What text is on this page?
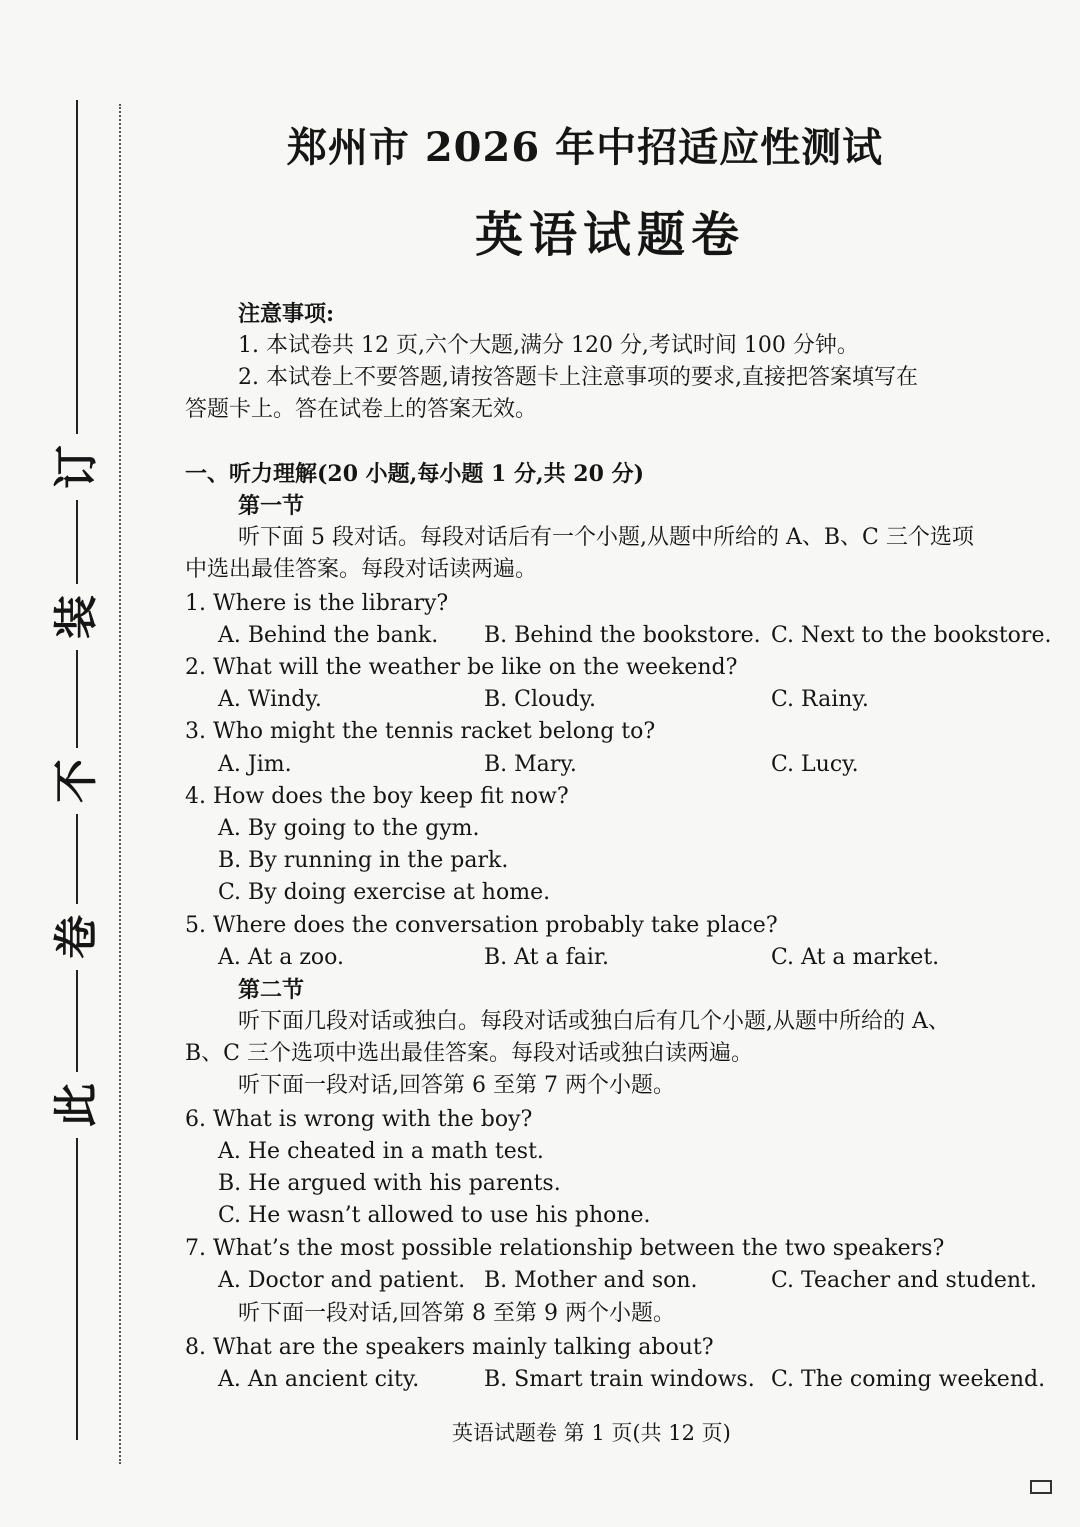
订
装
不
卷
此
郑州市 2026 年中招适应性测试
英语试题卷
注意事项:
1. 本试卷共 12 页,六个大题,满分 120 分,考试时间 100 分钟。
2. 本试卷上不要答题,请按答题卡上注意事项的要求,直接把答案填写在
答题卡上。答在试卷上的答案无效。
一、听力理解(20 小题,每小题 1 分,共 20 分)
第一节
听下面 5 段对话。每段对话后有一个小题,从题中所给的 A、B、C 三个选项
中选出最佳答案。每段对话读两遍。
1. Where is the library?
A. Behind the bank. B. Behind the bookstore. C. Next to the bookstore.
2. What will the weather be like on the weekend?
A. Windy.	B. Cloudy.	C. Rainy.
3. Who might the tennis racket belong to?
A. Jim.	B. Mary.	C. Lucy.
4. How does the boy keep fit now?
A. By going to the gym.
B. By running in the park.
C. By doing exercise at home.
5. Where does the conversation probably take place?
A. At a zoo.	B. At a fair.	C. At a market.
第二节
听下面几段对话或独白。每段对话或独白后有几个小题,从题中所给的 A、
B、C 三个选项中选出最佳答案。每段对话或独白读两遍。
听下面一段对话,回答第 6 至第 7 两个小题。
6. What is wrong with the boy?
A. He cheated in a math test.
B. He argued with his parents.
C. He wasn’t allowed to use his phone.
7. What’s the most possible relationship between the two speakers?
A. Doctor and patient. B. Mother and son.	C. Teacher and student.
听下面一段对话,回答第 8 至第 9 两个小题。
8. What are the speakers mainly talking about?
A. An ancient city.	B. Smart train windows. C. The coming weekend.
英语试题卷 第 1 页(共 12 页)
